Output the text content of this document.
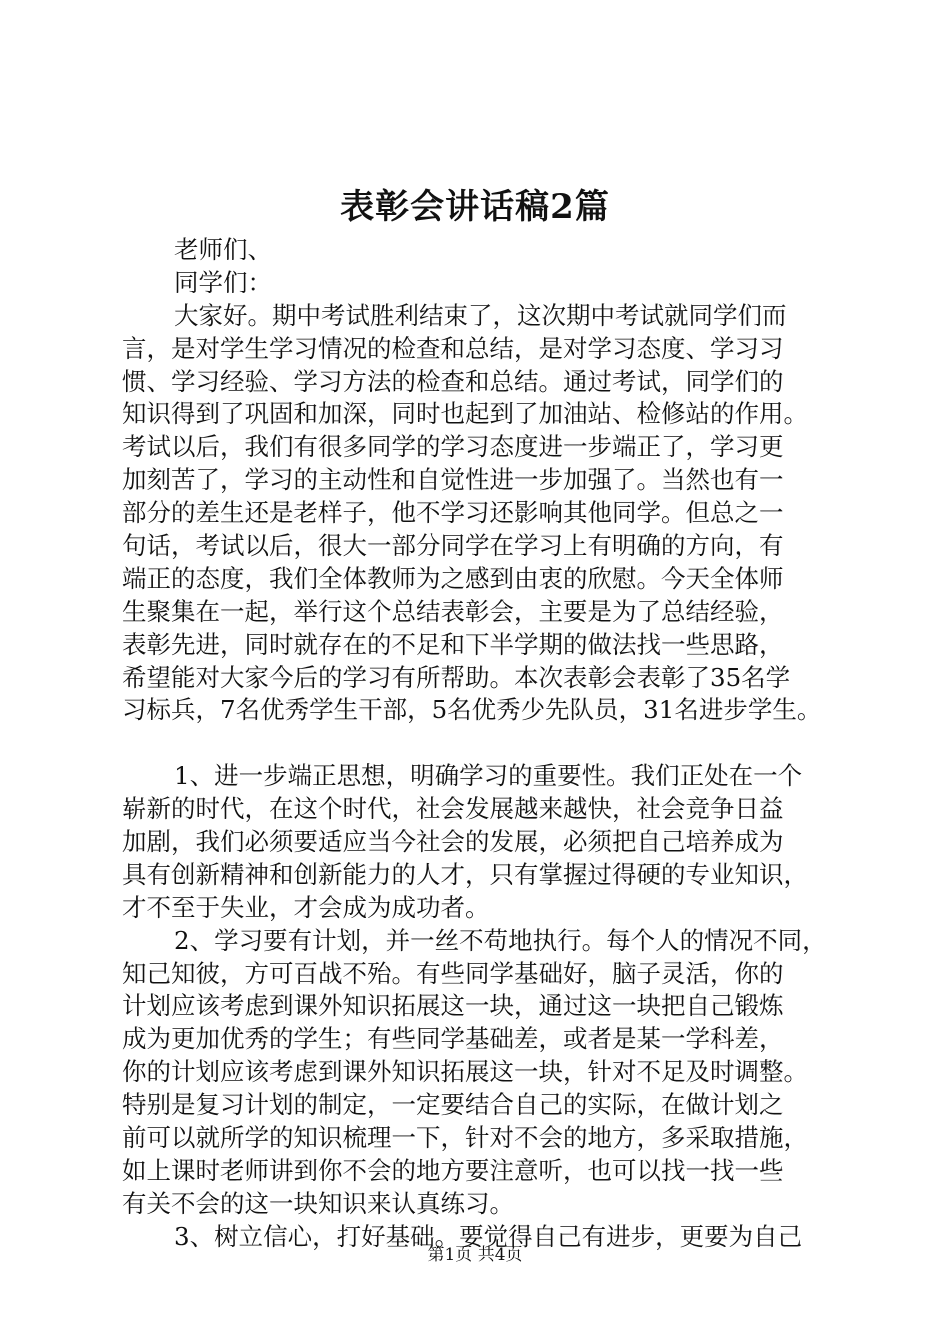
表彰会讲话稿2篇
老师们、
同学们：
大家好。期中考试胜利结束了，这次期中考试就同学们而
言，是对学生学习情况的检查和总结，是对学习态度、学习习
惯、学习经验、学习方法的检查和总结。通过考试，同学们的
知识得到了巩固和加深，同时也起到了加油站、检修站的作用。
考试以后，我们有很多同学的学习态度进一步端正了，学习更
加刻苦了，学习的主动性和自觉性进一步加强了。当然也有一
部分的差生还是老样子，他不学习还影响其他同学。但总之一
句话，考试以后，很大一部分同学在学习上有明确的方向，有
端正的态度，我们全体教师为之感到由衷的欣慰。今天全体师
生聚集在一起，举行这个总结表彰会，主要是为了总结经验，
表彰先进，同时就存在的不足和下半学期的做法找一些思路，
希望能对大家今后的学习有所帮助。本次表彰会表彰了35名学
习标兵，7名优秀学生干部，5名优秀少先队员，31名进步学生。
1、进一步端正思想，明确学习的重要性。我们正处在一个
崭新的时代，在这个时代，社会发展越来越快，社会竞争日益
加剧，我们必须要适应当今社会的发展，必须把自己培养成为
具有创新精神和创新能力的人才，只有掌握过得硬的专业知识，
才不至于失业，才会成为成功者。
2、学习要有计划，并一丝不苟地执行。每个人的情况不同，
知己知彼，方可百战不殆。有些同学基础好，脑子灵活，你的
计划应该考虑到课外知识拓展这一块，通过这一块把自己锻炼
成为更加优秀的学生；有些同学基础差，或者是某一学科差，
你的计划应该考虑到课外知识拓展这一块，针对不足及时调整。
特别是复习计划的制定，一定要结合自己的实际，在做计划之
前可以就所学的知识梳理一下，针对不会的地方，多采取措施，
如上课时老师讲到你不会的地方要注意听，也可以找一找一些
有关不会的这一块知识来认真练习。
3、树立信心，打好基础。要觉得自己有进步，更要为自己
第1页 共4页
